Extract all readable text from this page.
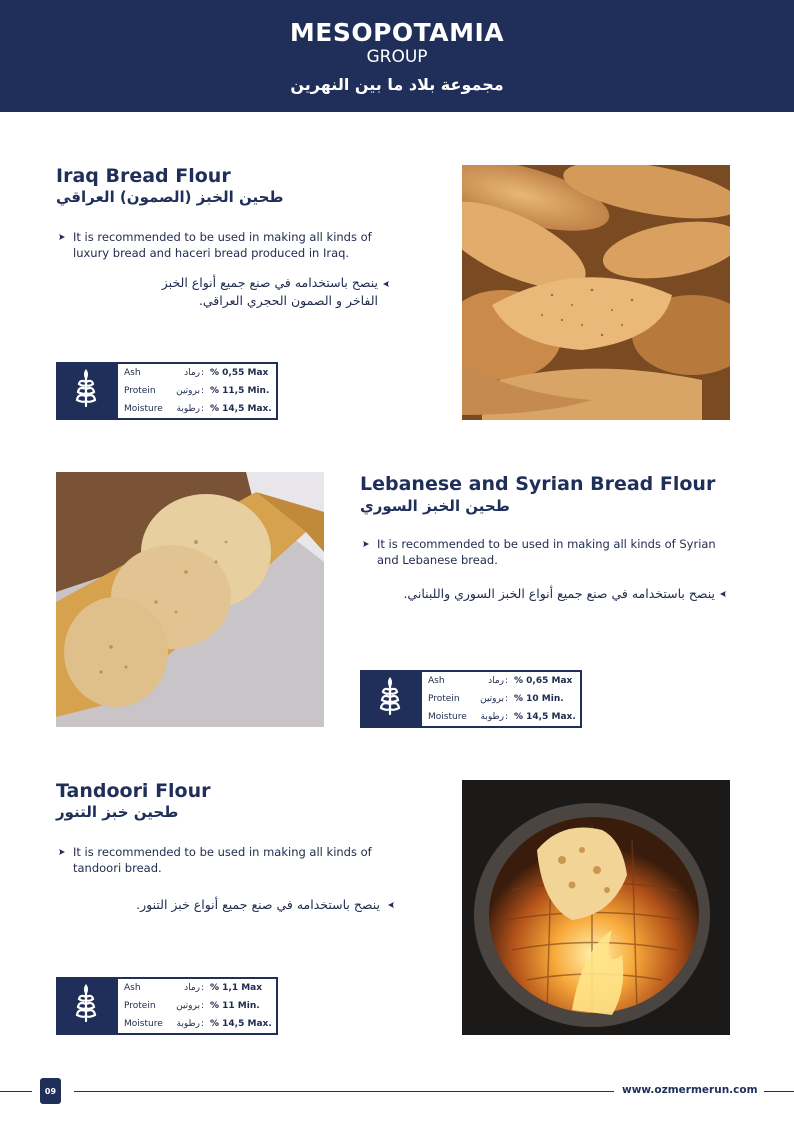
MESOPOTAMIA
GROUP
مجموعة بلاد ما بين النهرين
Iraq Bread Flour
طحين الخبز (الصمون) العراقي
It is recommended to be used in making all kinds of luxury bread and haceri bread produced in Iraq.
ينصح باستخدامه في صنع جميع أنواع الخبز الفاخر و الصمون الحجري العراقي.
Ash	رماد : % 0,55 Max
Protein	بروتين : % 11,5 Min.
Moisture	رطوبة : % 14,5 Max.
Lebanese and Syrian Bread Flour
طحين الخبز السوري
It is recommended to be used in making all kinds of Syrian and Lebanese bread.
ينصح باستخدامه في صنع جميع أنواع الخبز السوري واللبناني.
Ash	رماد : % 0,65 Max
Protein	بروتين : % 10 Min.
Moisture	رطوبة : % 14,5 Max.
Tandoori Flour
طحين خبز التنور
It is recommended to be used in making all kinds of tandoori bread.
ينصح باستخدامه في صنع جميع أنواع خبز التنور.
Ash	رماد : % 1,1 Max
Protein	بروتين : % 11 Min.
Moisture	رطوبة : % 14,5 Max.
09	www.ozmermerun.com
